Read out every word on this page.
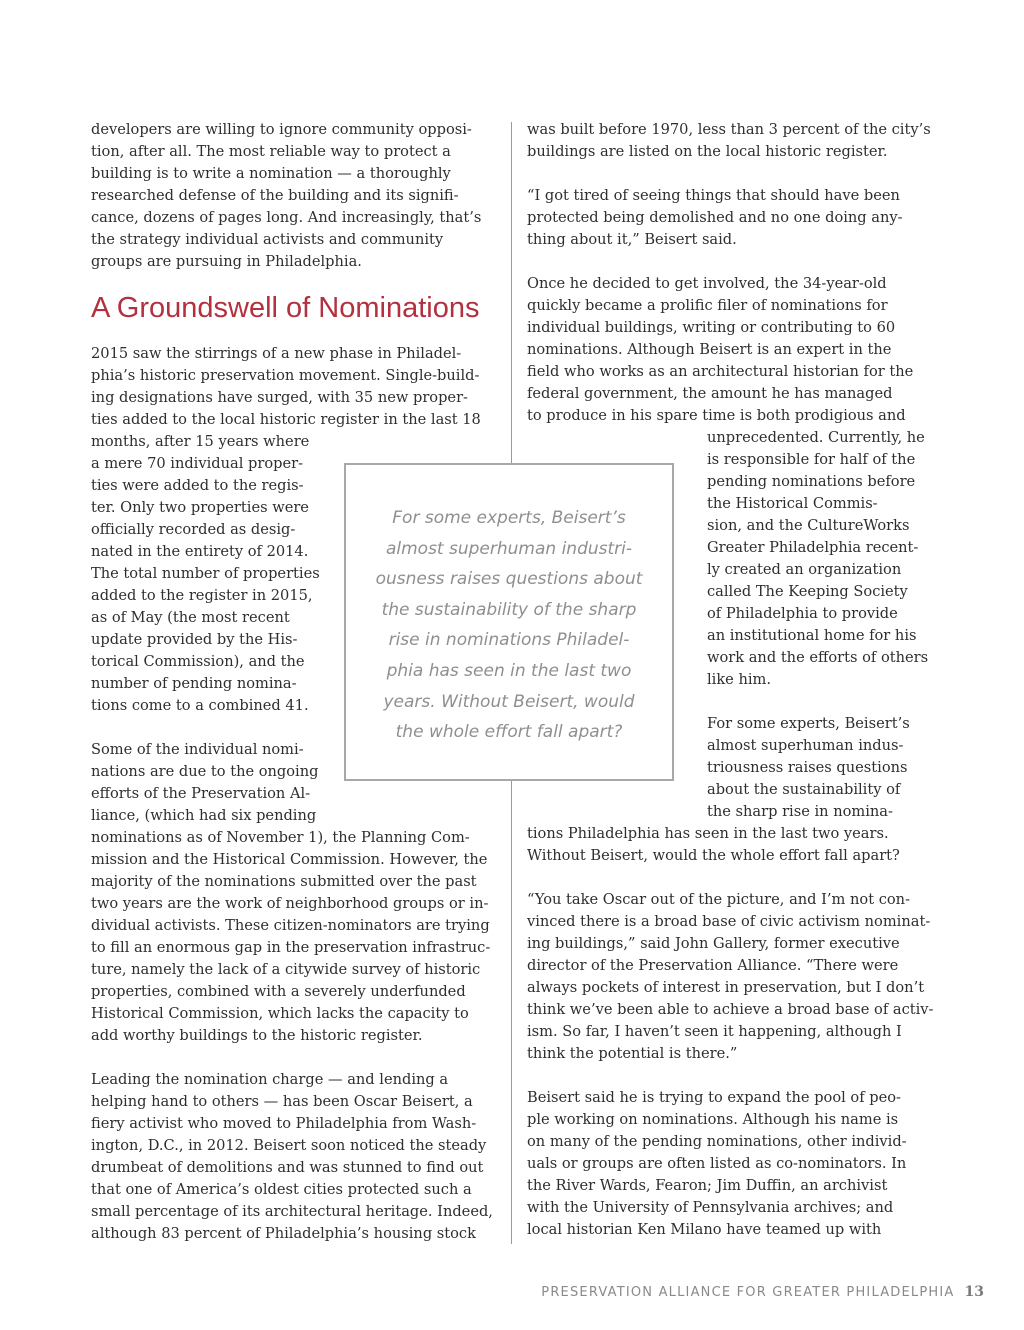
developers are willing to ignore community opposi-
tion, after all. The most reliable way to protect a
building is to write a nomination — a thoroughly
researched defense of the building and its signifi-
cance, dozens of pages long. And increasingly, that’s
the strategy individual activists and community
groups are pursuing in Philadelphia.
A Groundswell of Nominations
2015 saw the stirrings of a new phase in Philadel-
phia’s historic preservation movement. Single-build-
ing designations have surged, with 35 new proper-
ties added to the local historic register in the last 18
months, after 15 years where
a mere 70 individual proper-
ties were added to the regis-
ter. Only two properties were
officially recorded as desig-
nated in the entirety of 2014.
The total number of properties
added to the register in 2015,
as of May (the most recent
update provided by the His-
torical Commission), and the
number of pending nomina-
tions come to a combined 41.
Some of the individual nomi-
nations are due to the ongoing
efforts of the Preservation Al-
liance, (which had six pending
nominations as of November 1), the Planning Com-
mission and the Historical Commission. However, the
majority of the nominations submitted over the past
two years are the work of neighborhood groups or in-
dividual activists. These citizen-nominators are trying
to fill an enormous gap in the preservation infrastruc-
ture, namely the lack of a citywide survey of historic
properties, combined with a severely underfunded
Historical Commission, which lacks the capacity to
add worthy buildings to the historic register.
Leading the nomination charge — and lending a
helping hand to others — has been Oscar Beisert, a
fiery activist who moved to Philadelphia from Wash-
ington, D.C., in 2012. Beisert soon noticed the steady
drumbeat of demolitions and was stunned to find out
that one of America’s oldest cities protected such a
small percentage of its architectural heritage. Indeed,
although 83 percent of Philadelphia’s housing stock
was built before 1970, less than 3 percent of the city’s
buildings are listed on the local historic register.
“I got tired of seeing things that should have been
protected being demolished and no one doing any-
thing about it,” Beisert said.
Once he decided to get involved, the 34-year-old
quickly became a prolific filer of nominations for
individual buildings, writing or contributing to 60
nominations. Although Beisert is an expert in the
field who works as an architectural historian for the
federal government, the amount he has managed
to produce in his spare time is both prodigious and
unprecedented. Currently, he
is responsible for half of the
pending nominations before
the Historical Commis-
sion, and the CultureWorks
Greater Philadelphia recent-
ly created an organization
called The Keeping Society
of Philadelphia to provide
an institutional home for his
work and the efforts of others
like him.
For some experts, Beisert’s
almost superhuman indus-
triousness raises questions
about the sustainability of
the sharp rise in nomina-
tions Philadelphia has seen in the last two years.
Without Beisert, would the whole effort fall apart?
“You take Oscar out of the picture, and I’m not con-
vinced there is a broad base of civic activism nominat-
ing buildings,” said John Gallery, former executive
director of the Preservation Alliance. “There were
always pockets of interest in preservation, but I don’t
think we’ve been able to achieve a broad base of activ-
ism. So far, I haven’t seen it happening, although I
think the potential is there.”
Beisert said he is trying to expand the pool of peo-
ple working on nominations. Although his name is
on many of the pending nominations, other individ-
uals or groups are often listed as co-nominators. In
the River Wards, Fearon; Jim Duffin, an archivist
with the University of Pennsylvania archives; and
local historian Ken Milano have teamed up with
For some experts, Beisert’s
almost superhuman industri-
ousness raises questions about
the sustainability of the sharp
rise in nominations Philadel-
phia has seen in the last two
years. Without Beisert, would
the whole effort fall apart?
PRESERVATION ALLIANCE FOR GREATER PHILADELPHIA 13
